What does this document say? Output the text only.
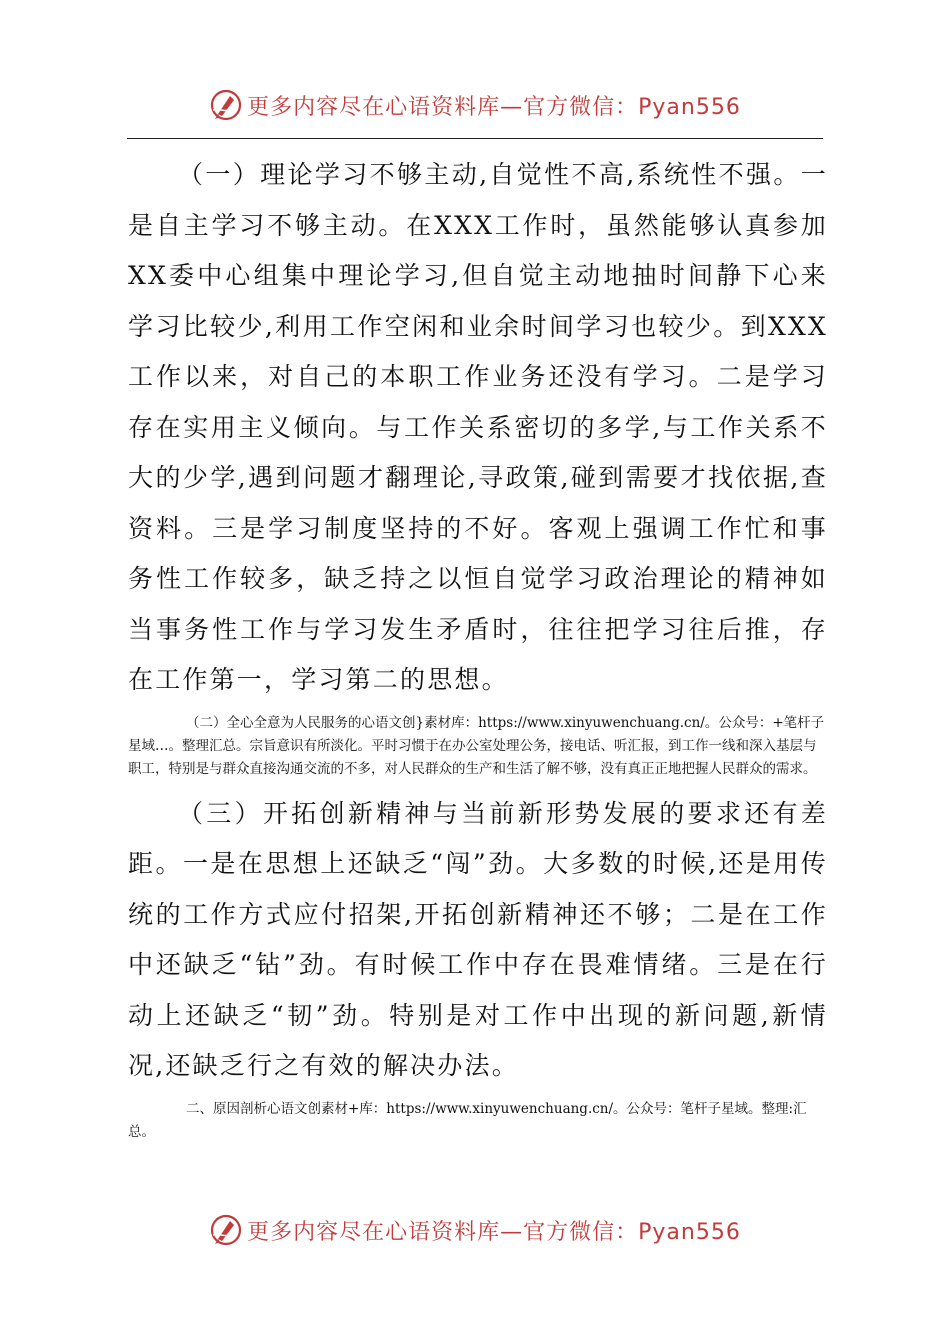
更多内容尽在心语资料库—官方微信：Pyan556

（一）理论学习不够主动,自觉性不高,系统性不强。一是自主学习不够主动。在XXX工作时，虽然能够认真参加XX委中心组集中理论学习,但自觉主动地抽时间静下心来学习比较少,利用工作空闲和业余时间学习也较少。到XXX工作以来，对自己的本职工作业务还没有学习。二是学习存在实用主义倾向。与工作关系密切的多学,与工作关系不大的少学,遇到问题才翻理论,寻政策,碰到需要才找依据,查资料。三是学习制度坚持的不好。客观上强调工作忙和事务性工作较多，缺乏持之以恒自觉学习政治理论的精神如当事务性工作与学习发生矛盾时，往往把学习往后推，存在工作第一，学习第二的思想。

（二）全心全意为人民服务的心语文创}素材库：https://www.xinyuwenchuang.cn/。公众号：+笔杆子星域…。整理汇总。宗旨意识有所淡化。平时习惯于在办公室处理公务，接电话、听汇报，到工作一线和深入基层与职工，特别是与群众直接沟通交流的不多，对人民群众的生产和生活了解不够，没有真正正地把握人民群众的需求。

（三）开拓创新精神与当前新形势发展的要求还有差距。一是在思想上还缺乏“闯”劲。大多数的时候,还是用传统的工作方式应付招架,开拓创新精神还不够；二是在工作中还缺乏“钻”劲。有时候工作中存在畏难情绪。三是在行动上还缺乏“韧”劲。特别是对工作中出现的新问题,新情况,还缺乏行之有效的解决办法。

二、原因剖析心语文创素材+库：https://www.xinyuwenchuang.cn/。公众号：笔杆子星域。整理:汇总。

更多内容尽在心语资料库—官方微信：Pyan556
